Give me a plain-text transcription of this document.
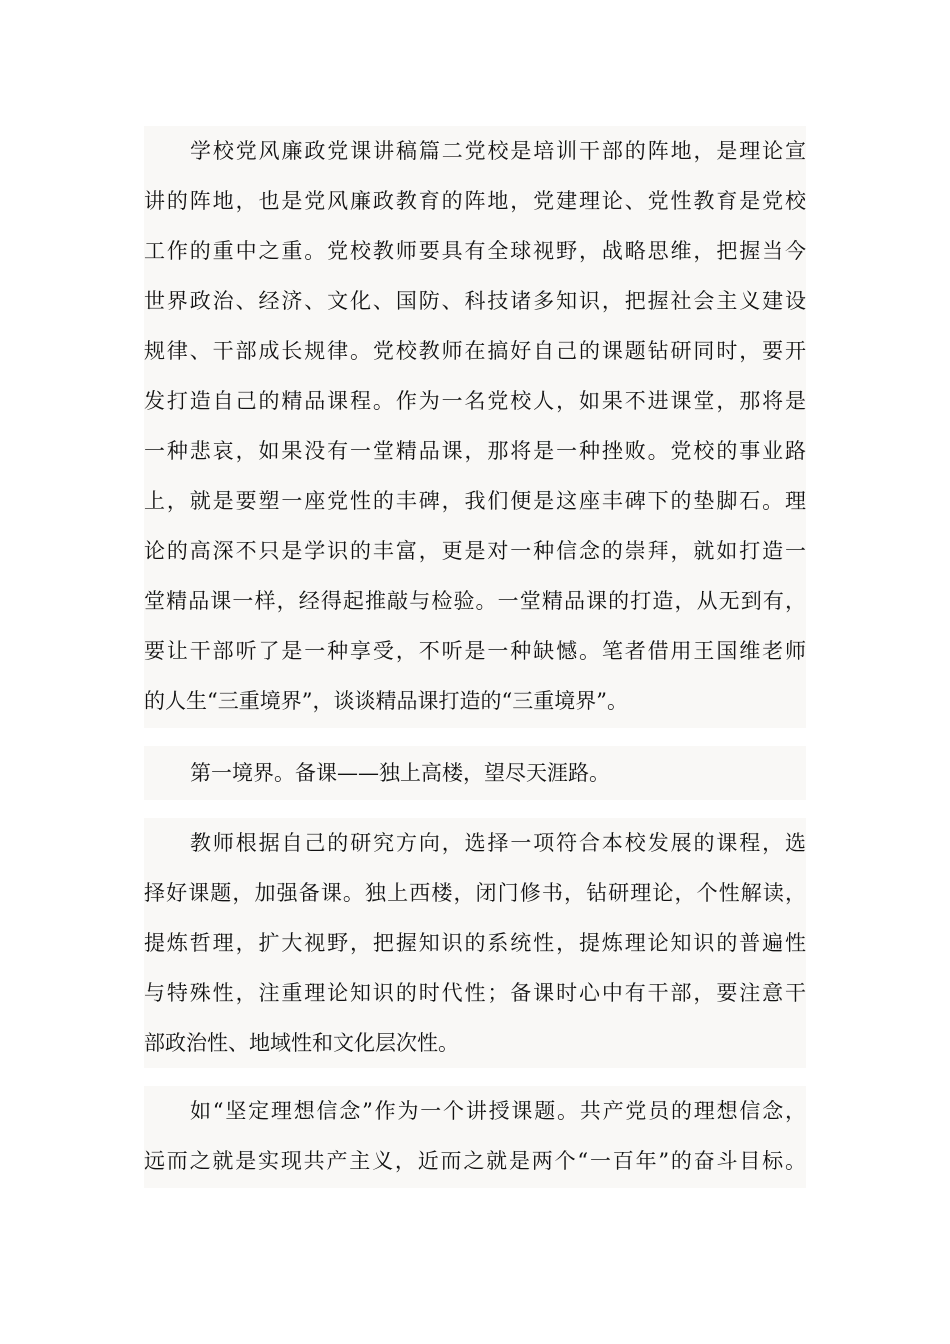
学校党风廉政党课讲稿篇二党校是培训干部的阵地，是理论宣
讲的阵地，也是党风廉政教育的阵地，党建理论、党性教育是党校
工作的重中之重。党校教师要具有全球视野，战略思维，把握当今
世界政治、经济、文化、国防、科技诸多知识，把握社会主义建设
规律、干部成长规律。党校教师在搞好自己的课题钻研同时，要开
发打造自己的精品课程。作为一名党校人，如果不进课堂，那将是
一种悲哀，如果没有一堂精品课，那将是一种挫败。党校的事业路
上，就是要塑一座党性的丰碑，我们便是这座丰碑下的垫脚石。理
论的高深不只是学识的丰富，更是对一种信念的崇拜，就如打造一
堂精品课一样，经得起推敲与检验。一堂精品课的打造，从无到有，
要让干部听了是一种享受，不听是一种缺憾。笔者借用王国维老师
的人生“三重境界”，谈谈精品课打造的“三重境界”。
第一境界。备课——独上高楼，望尽天涯路。
教师根据自己的研究方向，选择一项符合本校发展的课程，选
择好课题，加强备课。独上西楼，闭门修书，钻研理论，个性解读，
提炼哲理，扩大视野，把握知识的系统性，提炼理论知识的普遍性
与特殊性，注重理论知识的时代性；备课时心中有干部，要注意干
部政治性、地域性和文化层次性。
如“坚定理想信念”作为一个讲授课题。共产党员的理想信念，
远而之就是实现共产主义，近而之就是两个“一百年”的奋斗目标。
